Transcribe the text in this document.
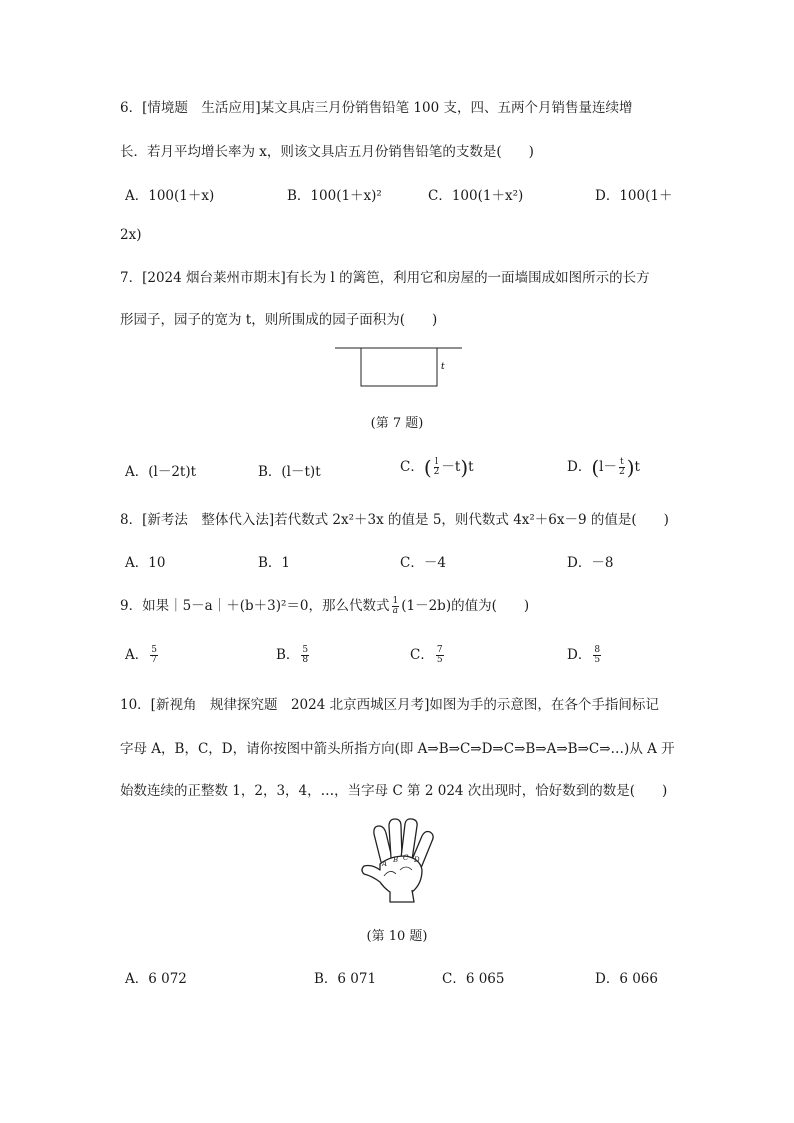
6．[情境题　生活应用]某文具店三月份销售铅笔 100 支，四、五两个月销售量连续增
长．若月平均增长率为 x，则该文具店五月份销售铅笔的支数是(　　)
A．100(1＋x)	B．100(1＋x)²	C．100(1＋x²)	D．100(1＋
2x)
7．[2024 烟台莱州市期末]有长为 l 的篱笆，利用它和房屋的一面墙围成如图所示的长方
形园子，园子的宽为 t，则所围成的园子面积为(　　)
t
(第 7 题)
A．(l－2t)t	B．(l－t)t	C．( $\frac{l}{2} -t)t$	D．$(l- \frac{t}{2} )t$
8．[新考法　整体代入法]若代数式 2x²＋3x 的值是 5，则代数式 4x²＋6x－9 的值是(　　)
A．10	B．1	C．－4	D．－8
9．如果｜5－a｜＋(b＋3)²＝0，那么代数式 $\frac{1}{a} (1-2b)$的值为(　　)
A． $\frac{5}{7}$	B． $\frac{5}{8}$	C． $\frac{7}{5}$	D． $\frac{8}{5}$
10．[新视角　规律探究题　2024 北京西城区月考]如图为手的示意图，在各个手指间标记
字母 A，B，C，D，请你按图中箭头所指方向(即 A⇒B⇒C⇒D⇒C⇒B⇒A⇒B⇒C⇒…)从 A 开
始数连续的正整数 1，2，3，4，…，当字母 C 第 2 024 次出现时，恰好数到的数是(　　)
A B C D
(第 10 题)
A．6 072	B．6 071	C．6 065	D．6 066
